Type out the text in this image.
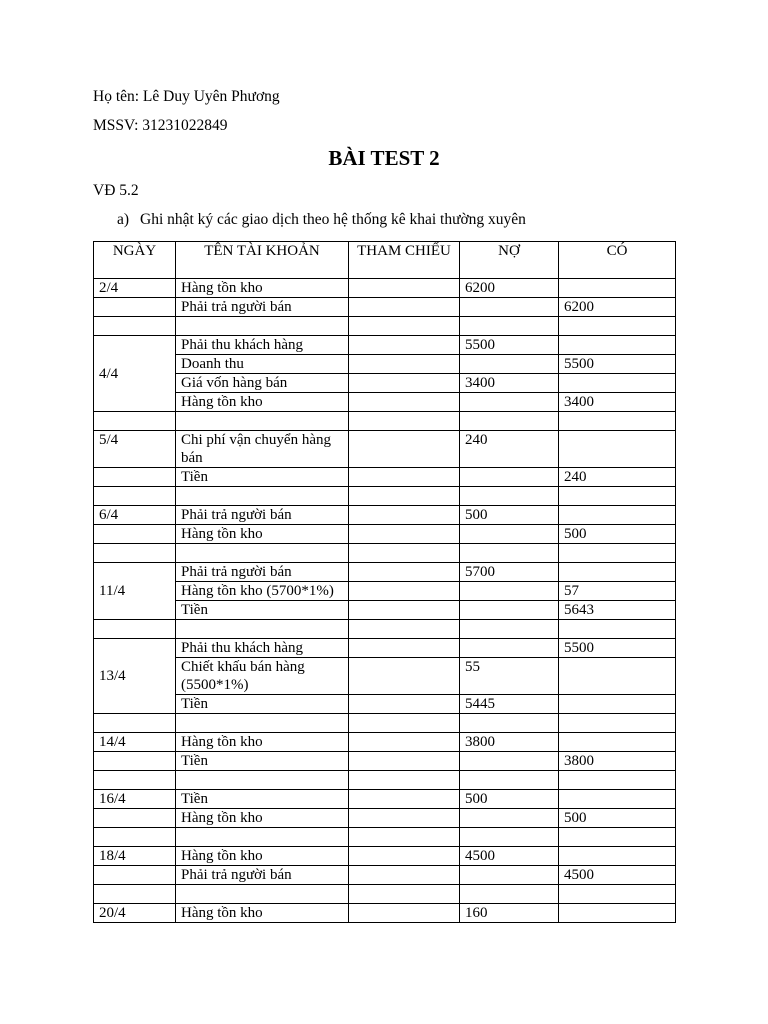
Họ tên: Lê Duy Uyên Phương
MSSV: 31231022849
BÀI TEST 2
VĐ 5.2
a) Ghi nhật ký các giao dịch theo hệ thống kê khai thường xuyên
NGÀY	TÊN TÀI KHOẢN	THAM CHIẾU	NỢ	CÓ
2/4	Hàng tồn kho		6200	
	Phải trả người bán			6200

4/4	Phải thu khách hàng		5500	
	Doanh thu			5500
	Giá vốn hàng bán		3400	
	Hàng tồn kho			3400

5/4	Chi phí vận chuyển hàng bán		240	
	Tiền			240

6/4	Phải trả người bán		500	
	Hàng tồn kho			500

11/4	Phải trả người bán		5700	
	Hàng tồn kho (5700*1%)			57
	Tiền			5643

13/4	Phải thu khách hàng			5500
	Chiết khấu bán hàng (5500*1%)		55	
	Tiền		5445	

14/4	Hàng tồn kho		3800	
	Tiền			3800

16/4	Tiền		500	
	Hàng tồn kho			500

18/4	Hàng tồn kho		4500	
	Phải trả người bán			4500

20/4	Hàng tồn kho		160	
